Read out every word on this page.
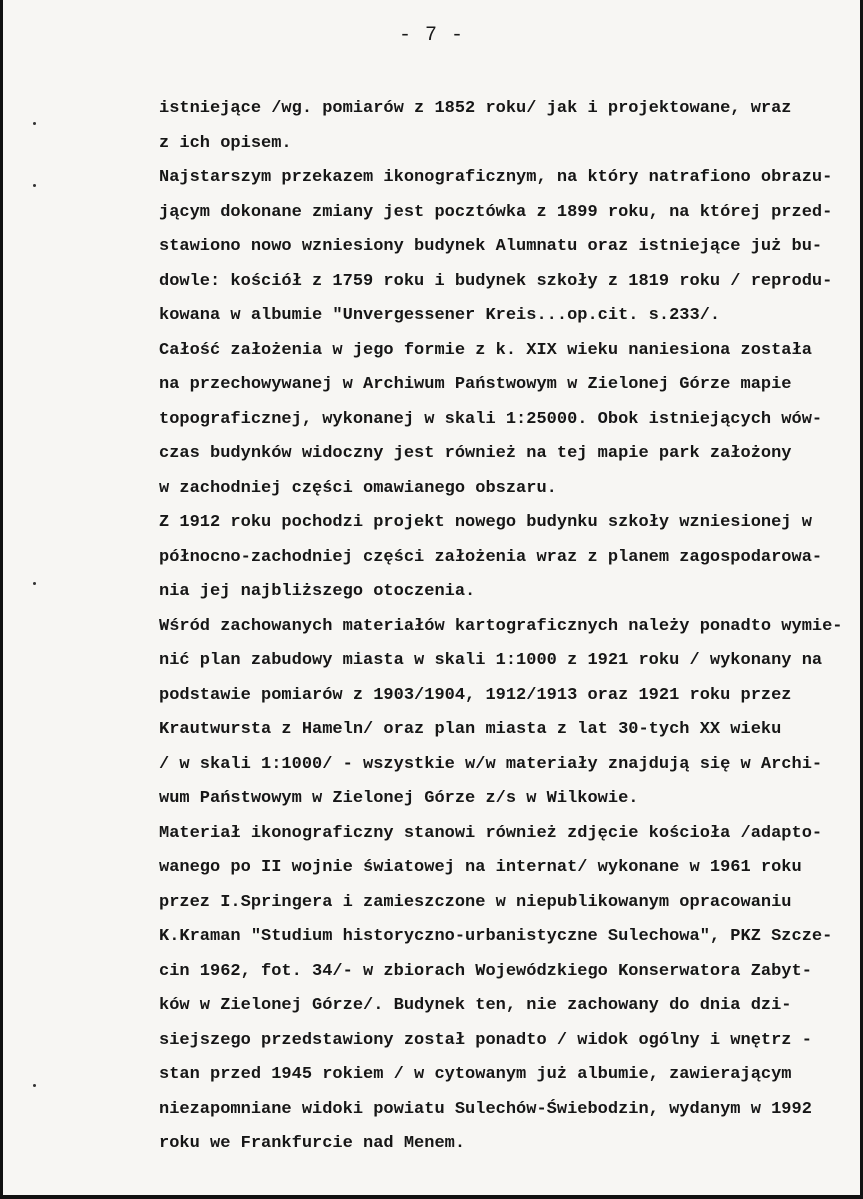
- 7 -
istniejące /wg. pomiarów z 1852 roku/ jak i projektowane, wraz
z ich opisem.
Najstarszym przekazem ikonograficznym, na który natrafiono obrazu-
jącym dokonane zmiany jest pocztówka z 1899 roku, na której przed-
stawiono nowo wzniesiony budynek Alumnatu oraz istniejące już bu-
dowle: kościół z 1759 roku i budynek szkoły z 1819 roku / reprodu-
kowana w albumie "Unvergessener Kreis...op.cit. s.233/.
Całość założenia w jego formie z k. XIX wieku naniesiona została
na przechowywanej w Archiwum Państwowym w Zielonej Górze mapie
topograficznej, wykonanej w skali 1:25000. Obok istniejących wów-
czas budynków widoczny jest również na tej mapie park założony
w zachodniej części omawianego obszaru.
Z 1912 roku pochodzi projekt nowego budynku szkoły wzniesionej w
północno-zachodniej części założenia wraz z planem zagospodarowa-
nia jej najbliższego otoczenia.
Wśród zachowanych materiałów kartograficznych należy ponadto wymie-
nić plan zabudowy miasta w skali 1:1000 z 1921 roku / wykonany na
podstawie pomiarów z 1903/1904, 1912/1913 oraz 1921 roku przez
Krautwursta z Hameln/ oraz plan miasta z lat 30-tych XX wieku
/ w skali 1:1000/ - wszystkie w/w materiały znajdują się w Archi-
wum Państwowym w Zielonej Górze z/s w Wilkowie.
Materiał ikonograficzny stanowi również zdjęcie kościoła /adapto-
wanego po II wojnie światowej na internat/ wykonane w 1961 roku
przez I.Springera i zamieszczone w niepublikowanym opracowaniu
K.Kraman "Studium historyczno-urbanistyczne Sulechowa", PKZ Szcze-
cin 1962, fot. 34/- w zbiorach Wojewódzkiego Konserwatora Zabyt-
ków w Zielonej Górze/. Budynek ten, nie zachowany do dnia dzi-
siejszego przedstawiony został ponadto / widok ogólny i wnętrz -
stan przed 1945 rokiem / w cytowanym już albumie, zawierającym
niezapomniane widoki powiatu Sulechów-Świebodzin, wydanym w 1992
roku we Frankfurcie nad Menem.
